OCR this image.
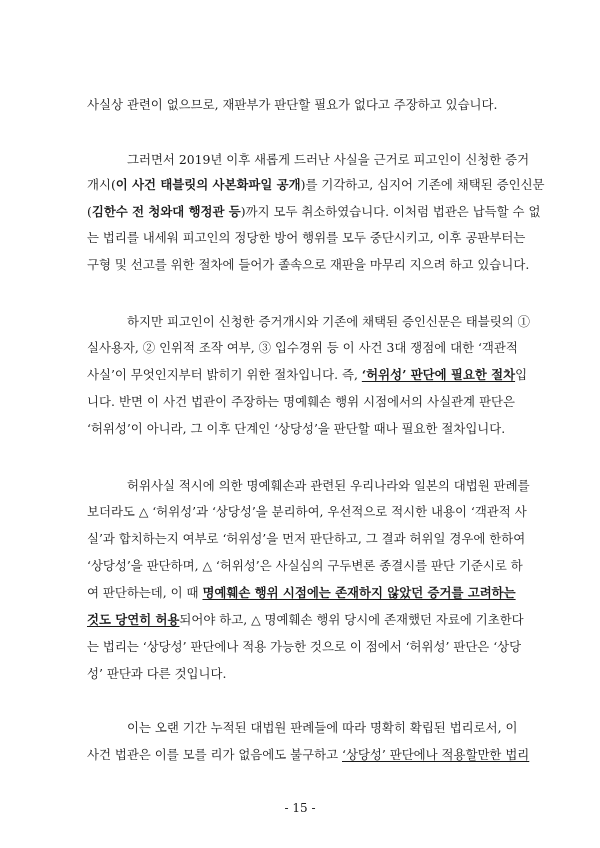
사실상 관련이 없으므로, 재판부가 판단할 필요가 없다고 주장하고 있습니다.
그러면서 2019년 이후 새롭게 드러난 사실을 근거로 피고인이 신청한 증거
개시(이 사건 태블릿의 사본화파일 공개)를 기각하고, 심지어 기존에 채택된 증인신문
(김한수 전 청와대 행정관 등)까지 모두 취소하였습니다. 이처럼 법관은 납득할 수 없
는 법리를 내세워 피고인의 정당한 방어 행위를 모두 중단시키고, 이후 공판부터는
구형 및 선고를 위한 절차에 들어가 졸속으로 재판을 마무리 지으려 하고 있습니다.
하지만 피고인이 신청한 증거개시와 기존에 채택된 증인신문은 태블릿의 ①
실사용자, ② 인위적 조작 여부, ③ 입수경위 등 이 사건 3대 쟁점에 대한 ‘객관적
사실’이 무엇인지부터 밝히기 위한 절차입니다. 즉, ‘허위성’ 판단에 필요한 절차입
니다. 반면 이 사건 법관이 주장하는 명예훼손 행위 시점에서의 사실관계 판단은
‘허위성’이 아니라, 그 이후 단계인 ‘상당성’을 판단할 때나 필요한 절차입니다.
허위사실 적시에 의한 명예훼손과 관련된 우리나라와 일본의 대법원 판례를
보더라도 △ ‘허위성’과 ‘상당성’을 분리하여, 우선적으로 적시한 내용이 ‘객관적 사
실’과 합치하는지 여부로 ‘허위성’을 먼저 판단하고, 그 결과 허위일 경우에 한하여
‘상당성’을 판단하며, △ ‘허위성’은 사실심의 구두변론 종결시를 판단 기준시로 하
여 판단하는데, 이 때 명예훼손 행위 시점에는 존재하지 않았던 증거를 고려하는
것도 당연히 허용되어야 하고, △ 명예훼손 행위 당시에 존재했던 자료에 기초한다
는 법리는 ‘상당성’ 판단에나 적용 가능한 것으로 이 점에서 ‘허위성’ 판단은 ‘상당
성’ 판단과 다른 것입니다.
이는 오랜 기간 누적된 대법원 판례들에 따라 명확히 확립된 법리로서, 이
사건 법관은 이를 모를 리가 없음에도 불구하고 ‘상당성’ 판단에나 적용할만한 법리
- 15 -
